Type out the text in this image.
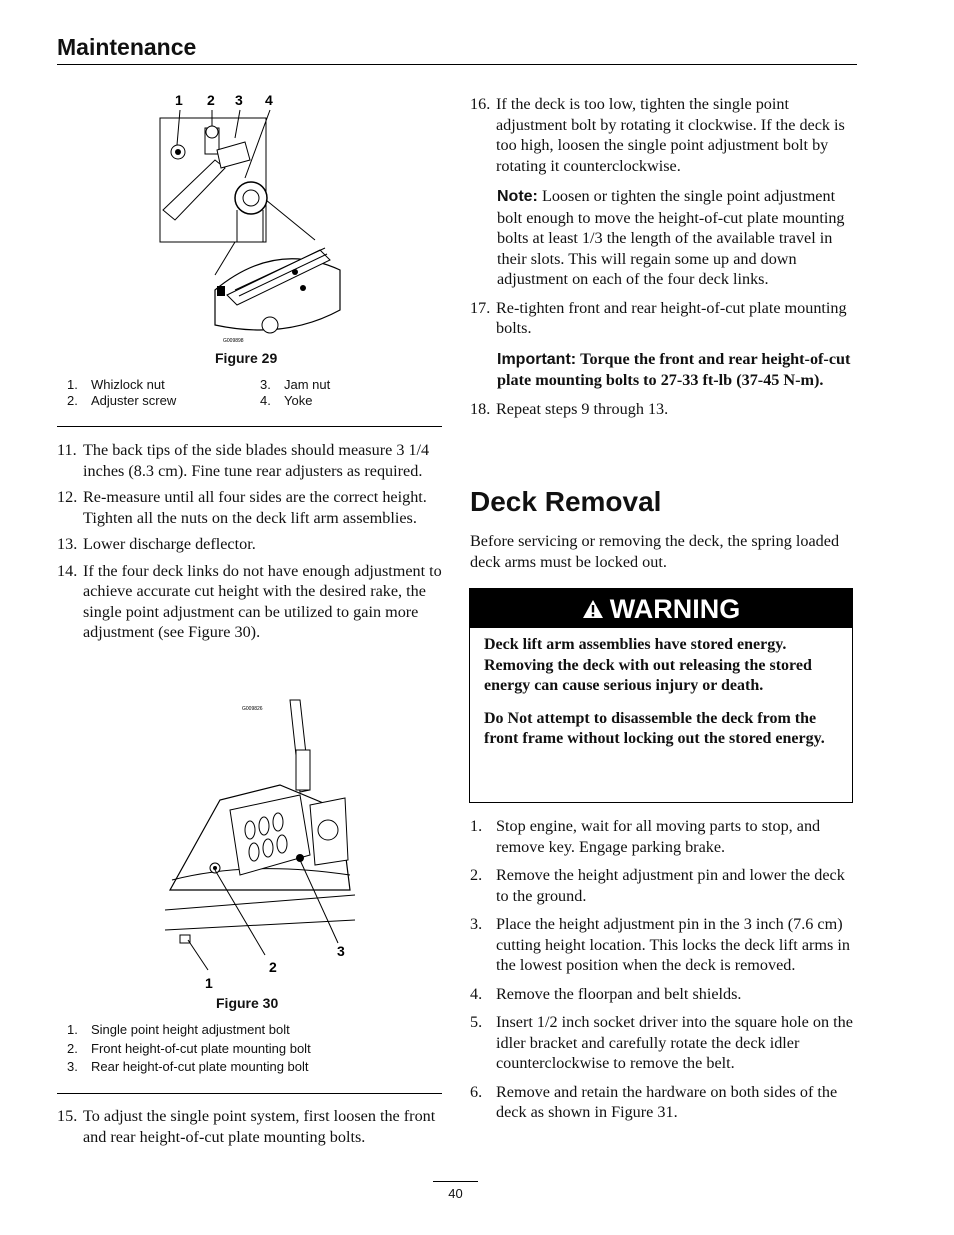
Maintenance
1 2 3 4
G009898
Figure 29
1. Whizlock nut
2. Adjuster screw
3. Jam nut
4. Yoke
11. The back tips of the side blades should measure 3 1/4 inches (8.3 cm). Fine tune rear adjusters as required.
12. Re-measure until all four sides are the correct height. Tighten all the nuts on the deck lift arm assemblies.
13. Lower discharge deflector.
14. If the four deck links do not have enough adjustment to achieve accurate cut height with the desired rake, the single point adjustment can be utilized to gain more adjustment (see Figure 30).
G009826
1
2
3
Figure 30
1. Single point height adjustment bolt
2. Front height-of-cut plate mounting bolt
3. Rear height-of-cut plate mounting bolt
15. To adjust the single point system, first loosen the front and rear height-of-cut plate mounting bolts.
16. If the deck is too low, tighten the single point adjustment bolt by rotating it clockwise. If the deck is too high, loosen the single point adjustment bolt by rotating it counterclockwise.
Note: Loosen or tighten the single point adjustment bolt enough to move the height-of-cut plate mounting bolts at least 1/3 the length of the available travel in their slots. This will regain some up and down adjustment on each of the four deck links.
17. Re-tighten front and rear height-of-cut plate mounting bolts.
Important: Torque the front and rear height-of-cut plate mounting bolts to 27-33 ft-lb (37-45 N-m).
18. Repeat steps 9 through 13.
Deck Removal
Before servicing or removing the deck, the spring loaded deck arms must be locked out.
WARNING
Deck lift arm assemblies have stored energy. Removing the deck with out releasing the stored energy can cause serious injury or death.
Do Not attempt to disassemble the deck from the front frame without locking out the stored energy.
1. Stop engine, wait for all moving parts to stop, and remove key. Engage parking brake.
2. Remove the height adjustment pin and lower the deck to the ground.
3. Place the height adjustment pin in the 3 inch (7.6 cm) cutting height location. This locks the deck lift arms in the lowest position when the deck is removed.
4. Remove the floorpan and belt shields.
5. Insert 1/2 inch socket driver into the square hole on the idler bracket and carefully rotate the deck idler counterclockwise to remove the belt.
6. Remove and retain the hardware on both sides of the deck as shown in Figure 31.
40
